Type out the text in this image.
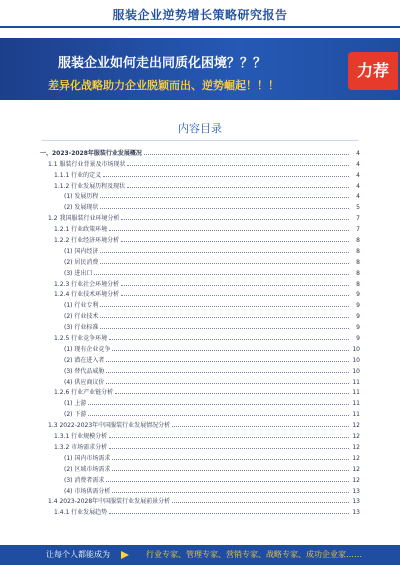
服装企业逆势增长策略研究报告
服装企业如何走出同质化困境？？？
差异化战略助力企业脱颖而出、逆势崛起！！！
力荐
内容目录
一、2023-2028年服装行业发展概况	4
1.1 服装行业背景及市场现状	4
1.1.1 行业的定义	4
1.1.2 行业发展历程及现状	4
(1) 发展历程	4
(2) 发展现状	5
1.2 我国服装行业环境分析	7
1.2.1 行业政策环境	7
1.2.2 行业经济环境分析	8
(1) 国内经济	8
(2) 居民消费	8
(3) 进出口	8
1.2.3 行业社会环境分析	8
1.2.4 行业技术环境分析	9
(1) 行业专利	9
(2) 行业技术	9
(3) 行业标准	9
1.2.5 行业竞争环境	9
(1) 现有企业竞争	10
(2) 潜在进入者	10
(3) 替代品威胁	10
(4) 供应商议价	11
1.2.6 行业产业链分析	11
(1) 上游	11
(2) 下游	11
1.3 2022-2023年中国服装行业发展情况分析	12
1.3.1 行业规模分析	12
1.3.2 市场需求分析	12
(1) 国内市场需求	12
(2) 区域市场需求	12
(3) 消费者需求	12
(4) 市场供需分析	13
1.4 2023-2028年中国服装行业发展前景分析	13
1.4.1 行业发展趋势	13
让每个人都能成为	行业专家、管理专家、营销专家、战略专家、成功企业家……
